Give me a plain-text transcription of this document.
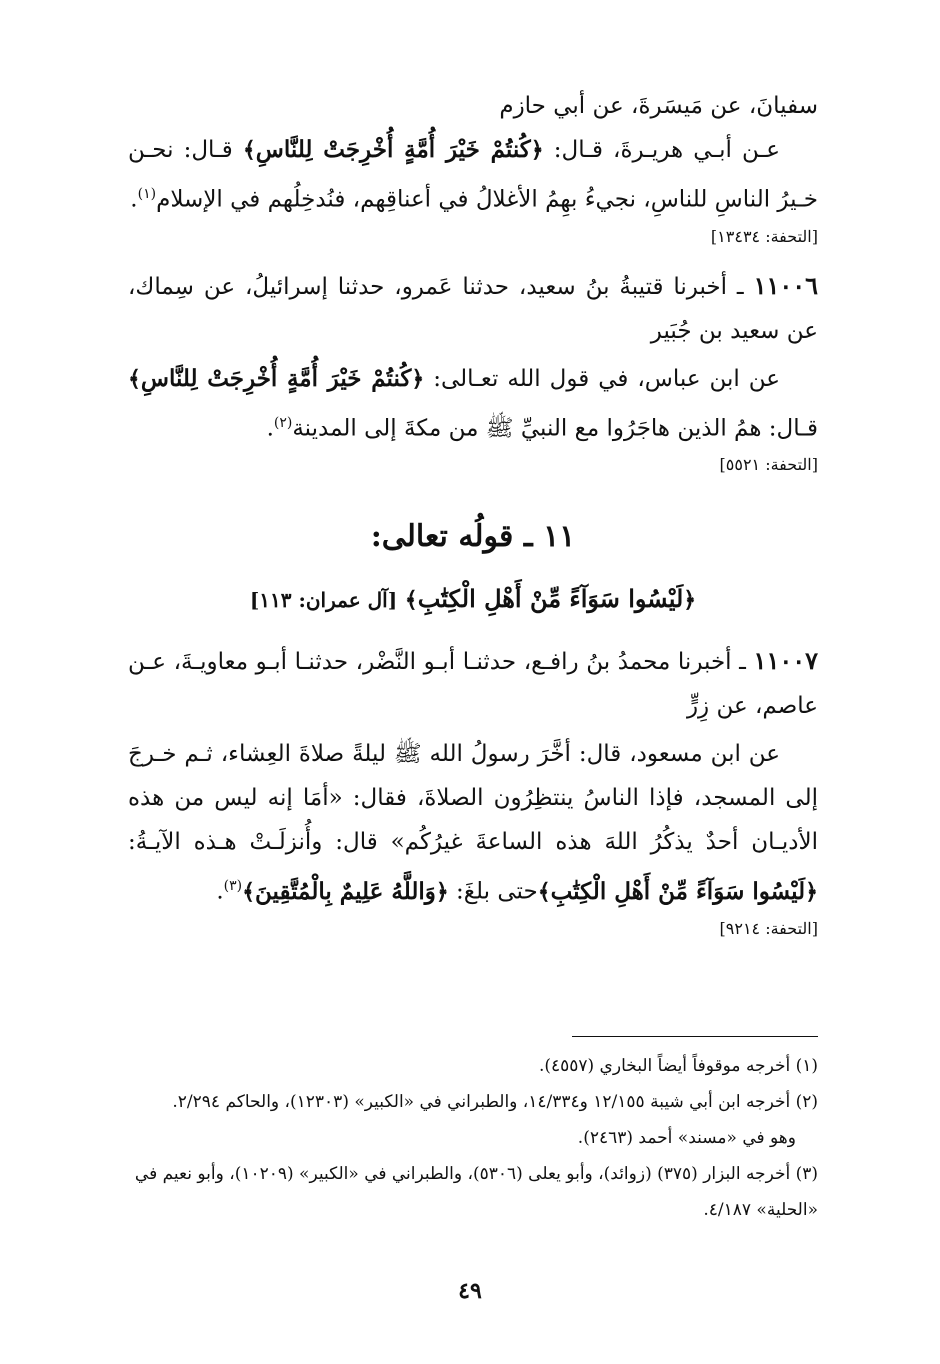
سفيانَ، عن مَيسَرةَ، عن أبي حازم

عـن أبـي هريـرةَ، قـال: ﴿كُنتُمْ خَيْرَ أُمَّةٍ أُخْرِجَتْ لِلنَّاسِ﴾ قـال: نحـن خـيرُ الناسِ للناسِ، نجيءُ بهِمُ الأغلالُ في أعناقِهم، فنُدخِلُهم في الإسلام$^{(١)}$.

[التحفة: ١٣٤٣٤]

١١٠٠٦ ـ أخبرنا قتيبةُ بنُ سعيد، حدثنا عَمرو، حدثنا إسرائيلُ، عن سِماك، عن سعيد بن جُبَير

عن ابن عباس، في قول الله تعـالى: ﴿كُنتُمْ خَيْرَ أُمَّةٍ أُخْرِجَتْ لِلنَّاسِ﴾ قـال: همُ الذين هاجَرُوا مع النبيِّ ﷺ من مكةَ إلى المدينة$^{(٢)}$.

[التحفة: ٥٥٢١]

١١ ـ قولُه تعالى:

﴿لَيْسُوا سَوَآءً مِّنْ أَهْلِ الْكِتَٰبِ﴾ [آل عمران: ١١٣]

١١٠٠٧ ـ أخبرنا محمدُ بنُ رافـع، حدثنـا أبـو النَّضْر، حدثنـا أبـو معاويـةَ، عـن عاصم، عن زِرٍّ

عن ابن مسعود، قال: أخَّرَ رسولُ الله ﷺ ليلةً صلاةَ العِشاء، ثـم خـرجَ إلى المسجد، فإذا الناسُ ينتظِرُون الصلاةَ، فقال: «أمَا إنه ليس من هذه الأديـان أحدٌ يذكُرُ اللهَ هذه الساعةَ غيرُكُم» قال: وأُنزلَـتْ هـذه الآيـةُ: ﴿لَيْسُوا سَوَآءً مِّنْ أَهْلِ الْكِتَٰبِ﴾حتى بلغَ: ﴿وَاللَّهُ عَلِيمٌ بِالْمُتَّقِينَ﴾$^{(٣)}$.

[التحفة: ٩٢١٤]

(١) أخرجه موقوفاً أيضاً البخاري (٤٥٥٧).

(٢) أخرجه ابن أبي شيبة ١٢/١٥٥ و١٤/٣٣٤، والطبراني في «الكبير» (١٢٣٠٣)، والحاكم ٢/٢٩٤.

وهو في «مسند» أحمد (٢٤٦٣).

(٣) أخرجه البزار (٣٧٥) (زوائد)، وأبو يعلى (٥٣٠٦)، والطبراني في «الكبير» (١٠٢٠٩)، وأبو نعيم في «الحلية» ٤/١٨٧.

٤٩
